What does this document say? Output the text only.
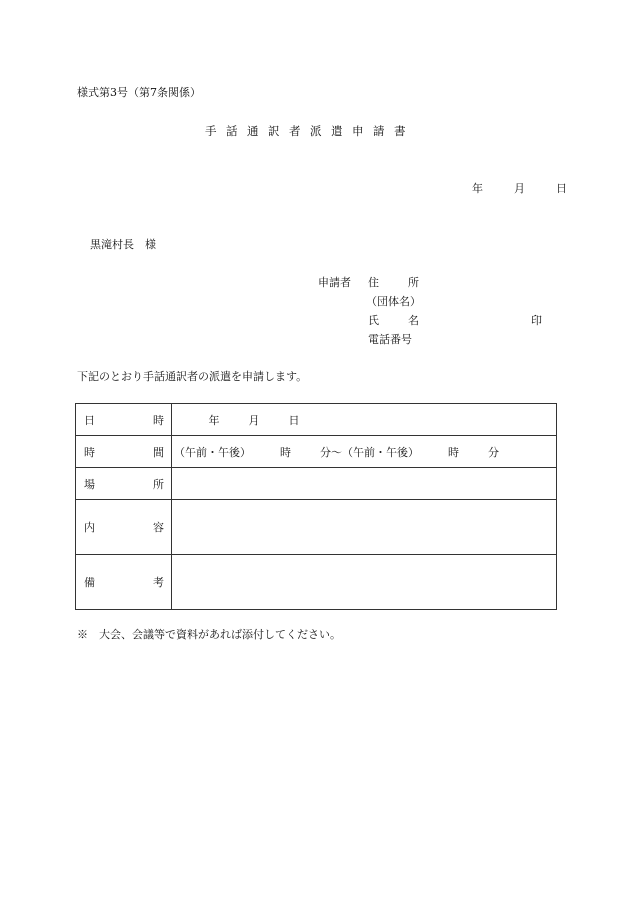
様式第3号（第7条関係）
手話通訳者派遣申請書
年	月	日
黒滝村長　様
申請者 住	所
（団体名）
氏	名	印
電話番号
下記のとおり手話通訳者の派遣を申請します。
日 時	年 月 日

時 間	（午前・午後） 時 分～（午前・午後） 時 分

場 所	

内 容	

備 考	

※　大会、会議等で資料があれば添付してください。
